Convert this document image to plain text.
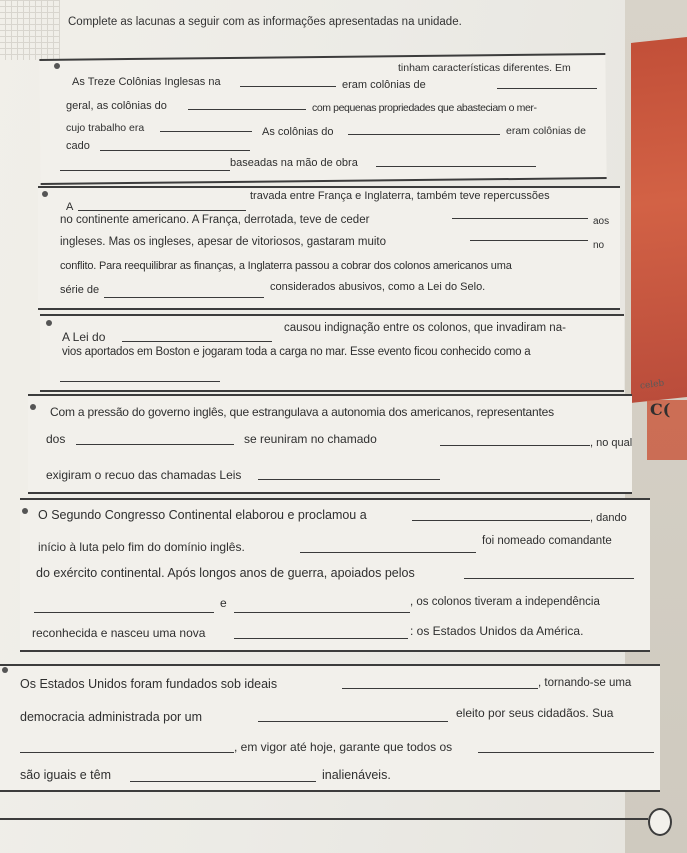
Complete as lacunas a seguir com as informações apresentadas na unidade.
tinham características diferentes. Em
As Treze Colônias Inglesas na	eram colônias de
geral, as colônias do	com pequenas propriedades que abasteciam o mer-
cujo trabalho era	As colônias do	eram colônias de
cado
baseadas na mão de obra
A
travada entre França e Inglaterra, também teve repercussões
no continente americano. A França, derrotada, teve de ceder	aos
ingleses. Mas os ingleses, apesar de vitoriosos, gastaram muito	no
conflito. Para reequilibrar as finanças, a Inglaterra passou a cobrar dos colonos americanos uma
série de	considerados abusivos, como a Lei do Selo.
A Lei do
causou indignação entre os colonos, que invadiram na-
vios aportados em Boston e jogaram toda a carga no mar. Esse evento ficou conhecido como a
Com a pressão do governo inglês, que estrangulava a autonomia dos americanos, representantes
dos	se reuniram no chamado	, no qual
exigiram o recuo das chamadas Leis
O Segundo Congresso Continental elaborou e proclamou a	, dando
início à luta pelo fim do domínio inglês.	foi nomeado comandante
do exército continental. Após longos anos de guerra, apoiados pelos
e	, os colonos tiveram a independência
reconhecida e nasceu uma nova	: os Estados Unidos da América.
Os Estados Unidos foram fundados sob ideais	, tornando-se uma
democracia administrada por um	eleito por seus cidadãos. Sua
, em vigor até hoje, garante que todos os
são iguais e têm	inalienáveis.
celeb
C(
